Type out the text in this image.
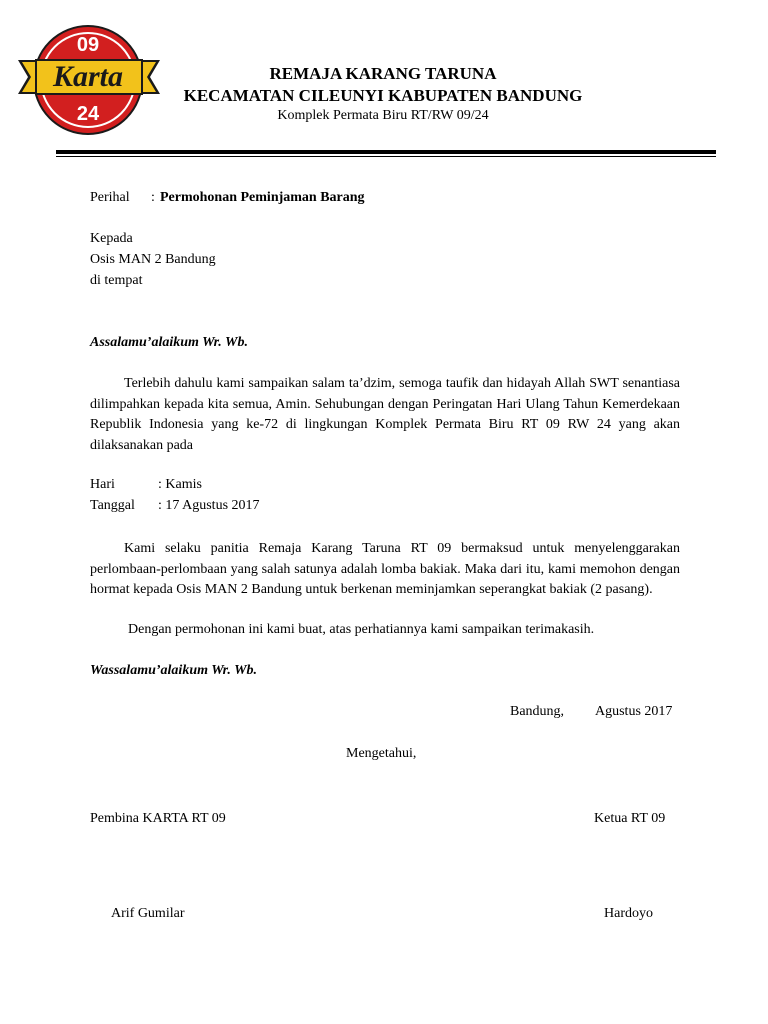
09
Karta
24
REMAJA KARANG TARUNA
KECAMATAN CILEUNYI KABUPATEN BANDUNG
Komplek Permata Biru RT/RW 09/24
Perihal : Permohonan Peminjaman Barang
Kepada
Osis MAN 2 Bandung
di tempat
Assalamu’alaikum Wr. Wb.
Terlebih dahulu kami sampaikan salam ta’dzim, semoga taufik dan hidayah Allah SWT senantiasa dilimpahkan kepada kita semua, Amin. Sehubungan dengan Peringatan Hari Ulang Tahun Kemerdekaan Republik Indonesia yang ke-72 di lingkungan Komplek Permata Biru RT 09 RW 24 yang akan dilaksanakan pada
Hari	: Kamis
Tanggal : 17 Agustus 2017
Kami selaku panitia Remaja Karang Taruna RT 09 bermaksud untuk menyelenggarakan perlombaan-perlombaan yang salah satunya adalah lomba bakiak. Maka dari itu, kami memohon dengan hormat kepada Osis MAN 2 Bandung untuk berkenan meminjamkan seperangkat bakiak (2 pasang).
Dengan permohonan ini kami buat, atas perhatiannya kami sampaikan terimakasih.
Wassalamu’alaikum Wr. Wb.
Bandung, Agustus 2017
Mengetahui,
Pembina KARTA RT 09	Ketua RT 09
Arif Gumilar	Hardoyo
